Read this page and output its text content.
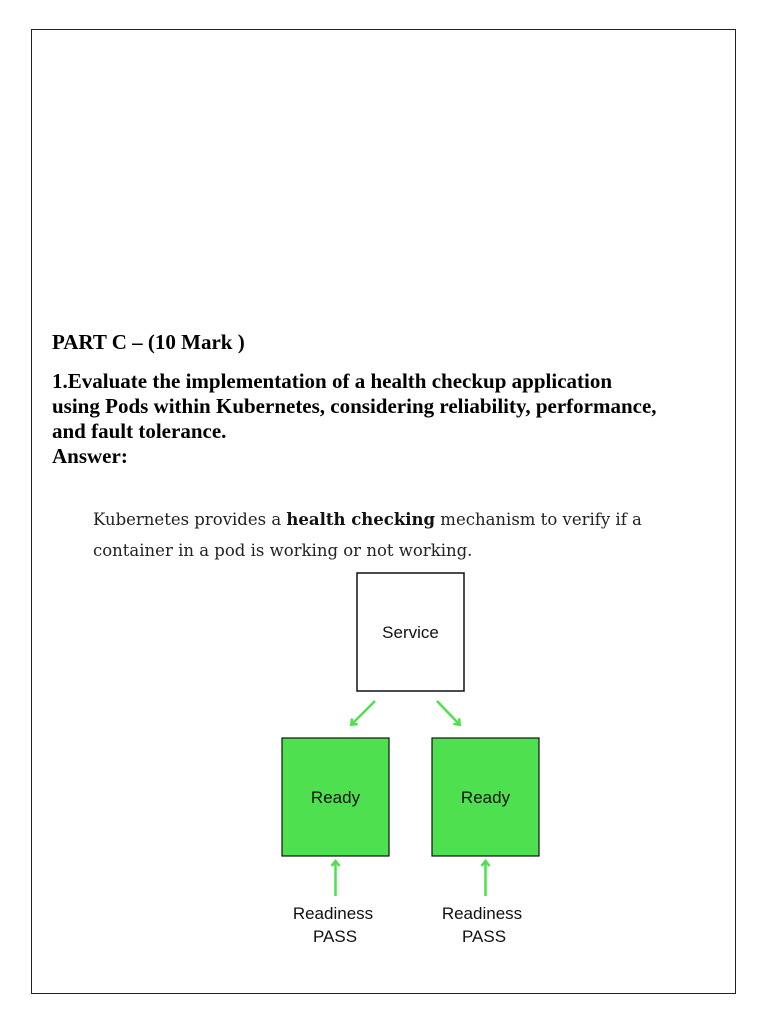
PART C – (10 Mark )
1.Evaluate the implementation of a health checkup application
using Pods within Kubernetes, considering reliability, performance,
and fault tolerance.
Answer:
Kubernetes provides a health checking mechanism to verify if a
container in a pod is working or not working.
Service
Ready	Ready
Readiness
PASS
Readiness
PASS
